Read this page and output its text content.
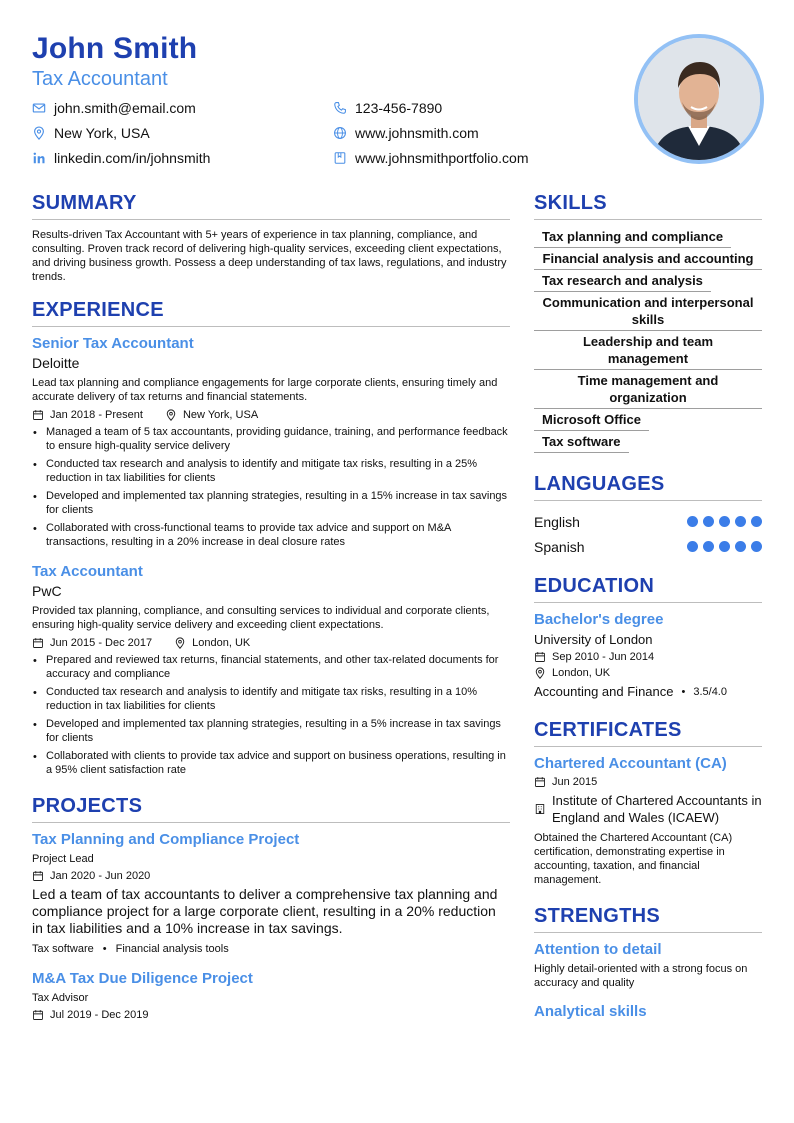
John Smith
Tax Accountant
john.smith@email.com
New York, USA
linkedin.com/in/johnsmith
123-456-7890
www.johnsmith.com
www.johnsmithportfolio.com
SUMMARY
Results-driven Tax Accountant with 5+ years of experience in tax planning, compliance, and consulting. Proven track record of delivering high-quality services, exceeding client expectations, and driving business growth. Possess a deep understanding of tax laws, regulations, and industry trends.
EXPERIENCE
Senior Tax Accountant
Deloitte
Lead tax planning and compliance engagements for large corporate clients, ensuring timely and accurate delivery of tax returns and financial statements.
Jan 2018 - Present	New York, USA
• Managed a team of 5 tax accountants, providing guidance, training, and performance feedback to ensure high-quality service delivery
• Conducted tax research and analysis to identify and mitigate tax risks, resulting in a 25% reduction in tax liabilities for clients
• Developed and implemented tax planning strategies, resulting in a 15% increase in tax savings for clients
• Collaborated with cross-functional teams to provide tax advice and support on M&A transactions, resulting in a 20% increase in deal closure rates
Tax Accountant
PwC
Provided tax planning, compliance, and consulting services to individual and corporate clients, ensuring high-quality service delivery and exceeding client expectations.
Jun 2015 - Dec 2017	London, UK
• Prepared and reviewed tax returns, financial statements, and other tax-related documents for accuracy and compliance
• Conducted tax research and analysis to identify and mitigate tax risks, resulting in a 10% reduction in tax liabilities for clients
• Developed and implemented tax planning strategies, resulting in a 5% increase in tax savings for clients
• Collaborated with clients to provide tax advice and support on business operations, resulting in a 95% client satisfaction rate
PROJECTS
Tax Planning and Compliance Project
Project Lead
Jan 2020 - Jun 2020
Led a team of tax accountants to deliver a comprehensive tax planning and compliance project for a large corporate client, resulting in a 20% reduction in tax liabilities and a 10% increase in tax savings.
Tax software • Financial analysis tools
M&A Tax Due Diligence Project
Tax Advisor
Jul 2019 - Dec 2019
SKILLS
Tax planning and compliance
Financial analysis and accounting
Tax research and analysis
Communication and interpersonal skills
Leadership and team management
Time management and organization
Microsoft Office
Tax software
LANGUAGES
English
Spanish
EDUCATION
Bachelor's degree
University of London
Sep 2010 - Jun 2014
London, UK
Accounting and Finance • 3.5/4.0
CERTIFICATES
Chartered Accountant (CA)
Jun 2015
Institute of Chartered Accountants in England and Wales (ICAEW)
Obtained the Chartered Accountant (CA) certification, demonstrating expertise in accounting, taxation, and financial management.
STRENGTHS
Attention to detail
Highly detail-oriented with a strong focus on accuracy and quality
Analytical skills
